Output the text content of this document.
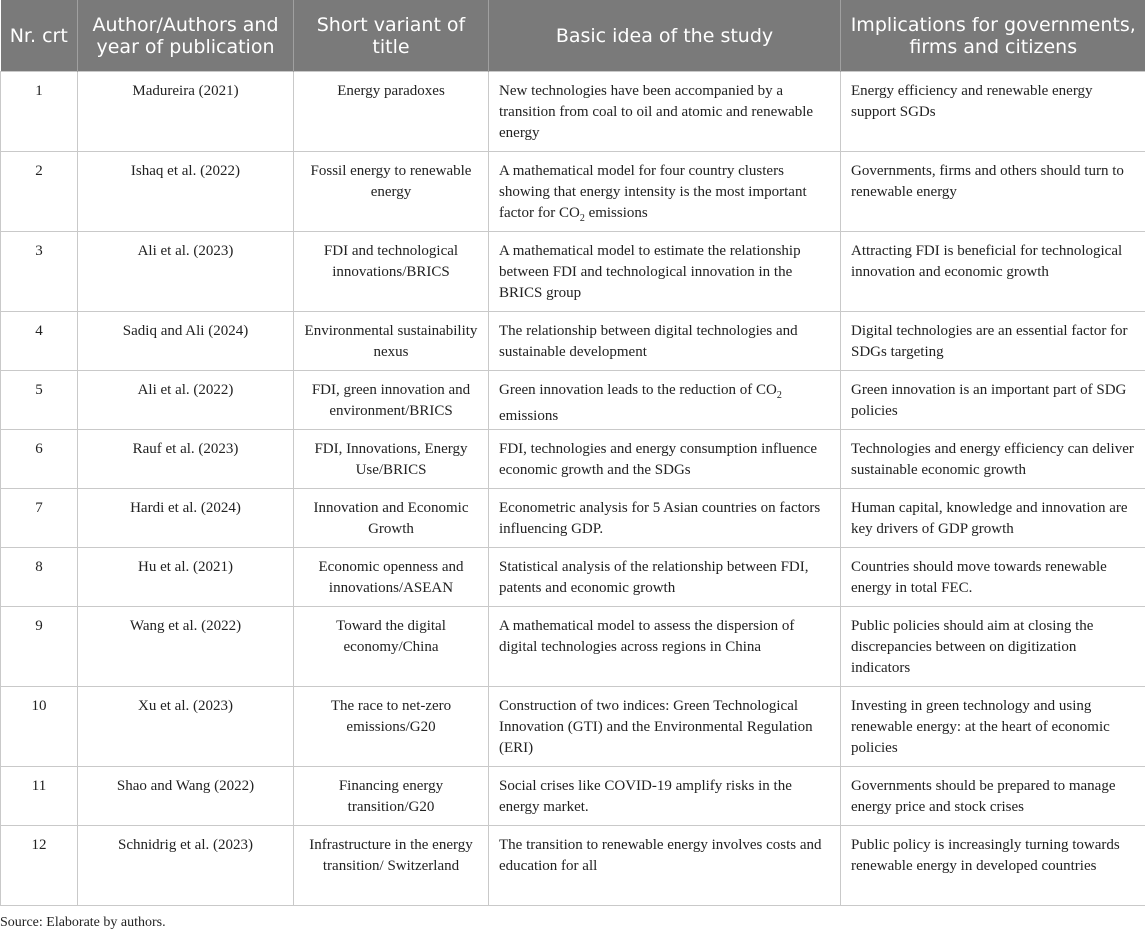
Nr. crt	Author/Authors and year of publication	Short variant of title	Basic idea of the study	Implications for governments, firms and citizens
1	Madureira (2021)	Energy paradoxes	New technologies have been accompanied by a transition from coal to oil and atomic and renewable energy	Energy efficiency and renewable energy support SGDs
2	Ishaq et al. (2022)	Fossil energy to renewable energy	A mathematical model for four country clusters showing that energy intensity is the most important factor for $CO_2$ emissions	Governments, firms and others should turn to renewable energy
3	Ali et al. (2023)	FDI and technological innovations/BRICS	A mathematical model to estimate the relationship between FDI and technological innovation in the BRICS group	Attracting FDI is beneficial for technological innovation and economic growth
4	Sadiq and Ali (2024)	Environmental sustainability nexus	The relationship between digital technologies and sustainable development	Digital technologies are an essential factor for SDGs targeting
5	Ali et al. (2022)	FDI, green innovation and environment/BRICS	Green innovation leads to the reduction of $CO_2$ emissions	Green innovation is an important part of SDG policies
6	Rauf et al. (2023)	FDI, Innovations, Energy Use/BRICS	FDI, technologies and energy consumption influence economic growth and the SDGs	Technologies and energy efficiency can deliver sustainable economic growth
7	Hardi et al. (2024)	Innovation and Economic Growth	Econometric analysis for 5 Asian countries on factors influencing GDP.	Human capital, knowledge and innovation are key drivers of GDP growth
8	Hu et al. (2021)	Economic openness and innovations/ASEAN	Statistical analysis of the relationship between FDI, patents and economic growth	Countries should move towards renewable energy in total FEC.
9	Wang et al. (2022)	Toward the digital economy/China	A mathematical model to assess the dispersion of digital technologies across regions in China	Public policies should aim at closing the discrepancies between on digitization indicators
10	Xu et al. (2023)	The race to net-zero emissions/G20	Construction of two indices: Green Technological Innovation (GTI) and the Environmental Regulation (ERI)	Investing in green technology and using renewable energy: at the heart of economic policies
11	Shao and Wang (2022)	Financing energy transition/G20	Social crises like COVID-19 amplify risks in the energy market.	Governments should be prepared to manage energy price and stock crises
12	Schnidrig et al. (2023)	Infrastructure in the energy transition/ Switzerland	The transition to renewable energy involves costs and education for all	Public policy is increasingly turning towards renewable energy in developed countries
Source: Elaborate by authors.
